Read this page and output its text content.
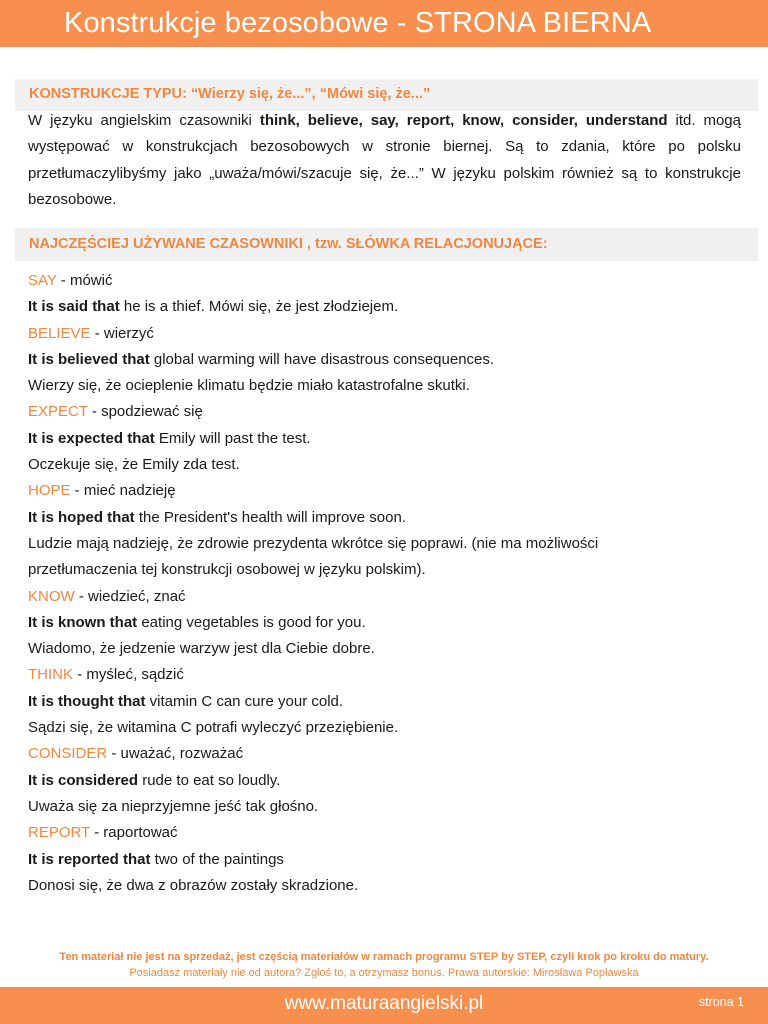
Konstrukcje bezosobowe - STRONA BIERNA
KONSTRUKCJE TYPU: “Wierzy się, że...”, “Mówi się, że...”

W języku angielskim czasowniki think, believe, say, report, know, consider, understand itd. mogą występować w konstrukcjach bezosobowych w stronie biernej. Są to zdania, które po polsku przetłumaczylibyśmy jako „uważa/mówi/szacuje się, że...” W języku polskim również są to konstrukcje bezosobowe.

NAJCZĘŚCIEJ UŻYWANE CZASOWNIKI , tzw. SŁÓWKA RELACJONUJĄCE:
SAY - mówić
It is said that he is a thief. Mówi się, że jest złodziejem.
BELIEVE - wierzyć
It is believed that global warming will have disastrous consequences.
Wierzy się, że ocieplenie klimatu będzie miało katastrofalne skutki.
EXPECT - spodziewać się
It is expected that Emily will past the test.
Oczekuje się, że Emily zda test.
HOPE - mieć nadzieję
It is hoped that the President's health will improve soon.
Ludzie mają nadzieję, że zdrowie prezydenta wkrótce się poprawi. (nie ma możliwości
przetłumaczenia tej konstrukcji osobowej w języku polskim).
KNOW - wiedzieć, znać
It is known that eating vegetables is good for you.
Wiadomo, że jedzenie warzyw jest dla Ciebie dobre.
THINK - myśleć, sądzić
It is thought that vitamin C can cure your cold.
Sądzi się, że witamina C potrafi wyleczyć przeziębienie.
CONSIDER - uważać, rozważać
It is considered rude to eat so loudly.
Uważa się za nieprzyjemne jeść tak głośno.
REPORT - raportować
It is reported that two of the paintings
Donosi się, że dwa z obrazów zostały skradzione.
Ten materiał nie jest na sprzedaż, jest częścią materiałów w ramach programu STEP by STEP, czyli krok po kroku do matury.
Posiadasz materiały nie od autora? Zgłoś to, a otrzymasz bonus. Prawa autorskie: Mirosława Popławska
www.maturaangielski.pl	strona 1
